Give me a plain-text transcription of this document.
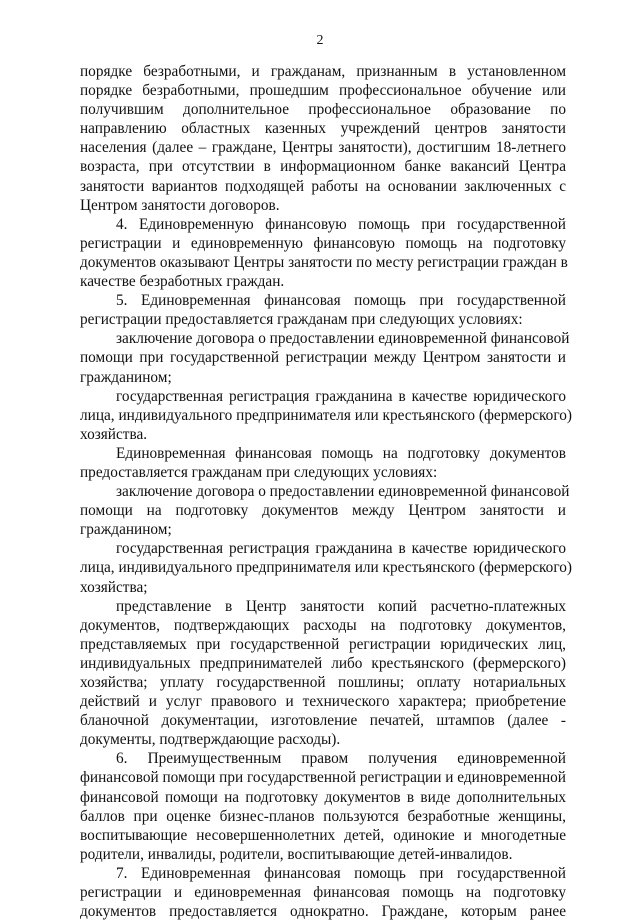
2

порядке безработными, и гражданам, признанным в установленном
порядке безработными, прошедшим профессиональное обучение или
получившим дополнительное профессиональное образование по
направлению областных казенных учреждений центров занятости
населения (далее – граждане, Центры занятости), достигшим 18-летнего
возраста, при отсутствии в информационном банке вакансий Центра
занятости вариантов подходящей работы на основании заключенных с
Центром занятости договоров.

4. Единовременную финансовую помощь при государственной
регистрации и единовременную финансовую помощь на подготовку
документов оказывают Центры занятости по месту регистрации граждан в
качестве безработных граждан.

5. Единовременная финансовая помощь при государственной
регистрации предоставляется гражданам при следующих условиях:

заключение договора о предоставлении единовременной финансовой
помощи при государственной регистрации между Центром занятости и
гражданином;

государственная регистрация гражданина в качестве юридического
лица, индивидуального предпринимателя или крестьянского (фермерского)
хозяйства.

Единовременная финансовая помощь на подготовку документов
предоставляется гражданам при следующих условиях:

заключение договора о предоставлении единовременной финансовой
помощи на подготовку документов между Центром занятости и
гражданином;

государственная регистрация гражданина в качестве юридического
лица, индивидуального предпринимателя или крестьянского (фермерского)
хозяйства;

представление в Центр занятости копий расчетно-платежных
документов, подтверждающих расходы на подготовку документов,
представляемых при государственной регистрации юридических лиц,
индивидуальных предпринимателей либо крестьянского (фермерского)
хозяйства; уплату государственной пошлины; оплату нотариальных
действий и услуг правового и технического характера; приобретение
бланочной документации, изготовление печатей, штампов (далее -
документы, подтверждающие расходы).

6. Преимущественным правом получения единовременной
финансовой помощи при государственной регистрации и единовременной
финансовой помощи на подготовку документов в виде дополнительных
баллов при оценке бизнес-планов пользуются безработные женщины,
воспитывающие несовершеннолетних детей, одинокие и многодетные
родители, инвалиды, родители, воспитывающие детей-инвалидов.

7. Единовременная финансовая помощь при государственной
регистрации и единовременная финансовая помощь на подготовку
документов предоставляется однократно. Граждане, которым ранее
